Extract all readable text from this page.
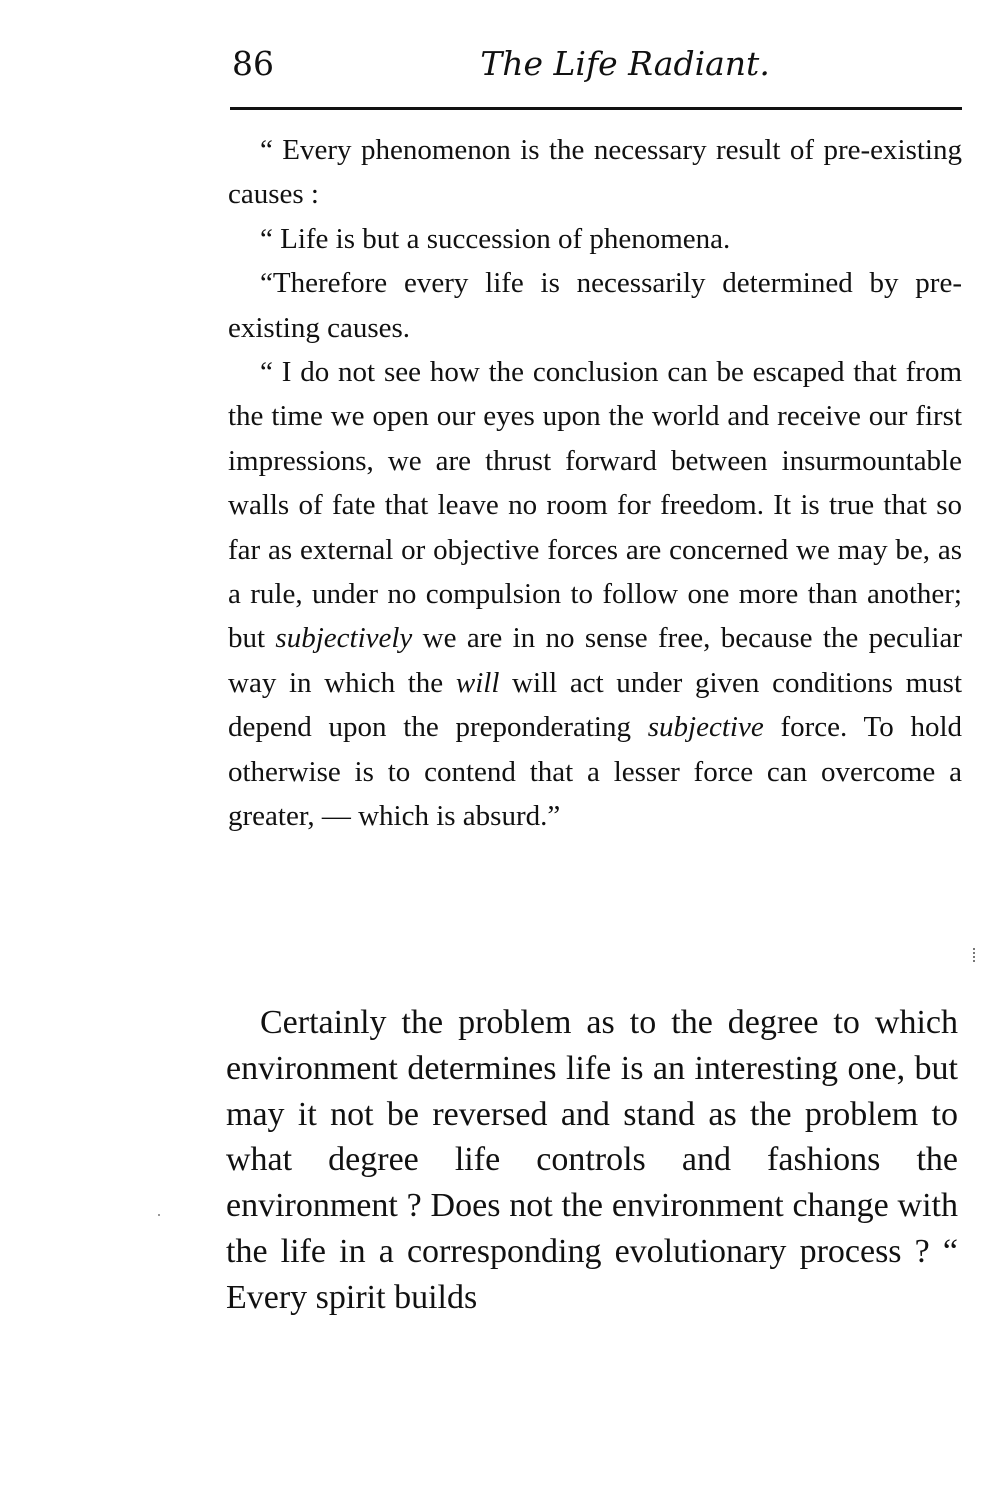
86	The Life Radiant.

“ Every phenomenon is the necessary result of pre-existing causes :

“ Life is but a succession of phenomena.

“Therefore every life is necessarily determined by pre-existing causes.

“ I do not see how the conclusion can be escaped that from the time we open our eyes upon the world and receive our first impressions, we are thrust forward between insurmountable walls of fate that leave no room for freedom. It is true that so far as external or objective forces are concerned we may be, as a rule, under no compulsion to follow one more than another; but subjectively we are in no sense free, because the peculiar way in which the will will act under given conditions must depend upon the preponderating subjective force. To hold otherwise is to contend that a lesser force can overcome a greater, — which is absurd.”

Certainly the problem as to the degree to which environment determines life is an interesting one, but may it not be reversed and stand as the problem to what degree life controls and fashions the environment ? Does not the environment change with the life in a corresponding evolutionary process ? “ Every spirit builds
